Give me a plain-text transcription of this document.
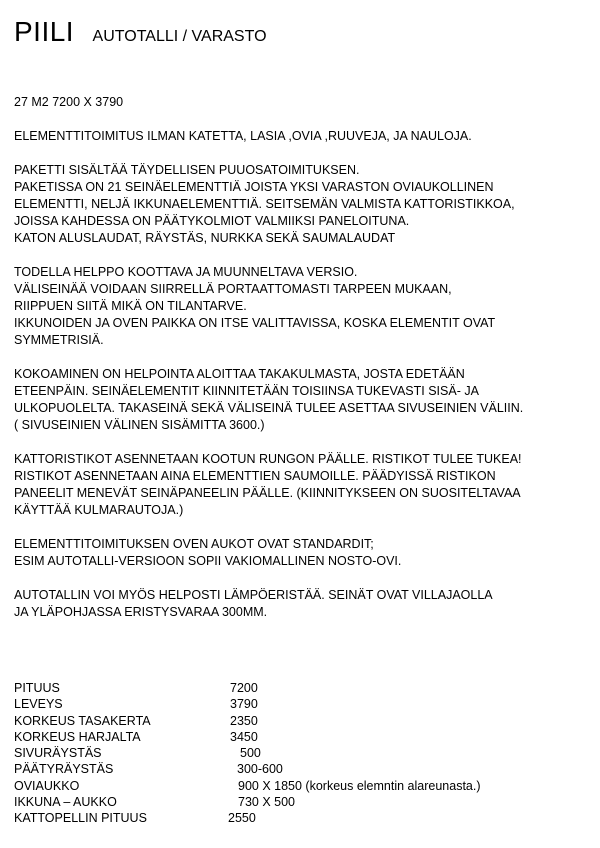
PIILI AUTOTALLI / VARASTO
27 M2 7200 X 3790
ELEMENTTITOIMITUS ILMAN KATETTA, LASIA ,OVIA ,RUUVEJA, JA NAULOJA.
PAKETTI SISÄLTÄÄ TÄYDELLISEN PUUOSATOIMITUKSEN.
PAKETISSA ON 21 SEINÄELEMENTTIÄ JOISTA YKSI VARASTON OVIAUKOLLINEN
ELEMENTTI, NELJÄ IKKUNAELEMENTTIÄ. SEITSEMÄN VALMISTA KATTORISTIKKOA,
JOISSA KAHDESSA ON PÄÄTYKOLMIOT VALMIIKSI PANELOITUNA.
KATON ALUSLAUDAT, RÄYSTÄS, NURKKA SEKÄ SAUMALAUDAT
TODELLA HELPPO KOOTTAVA JA MUUNNELTAVA VERSIO.
VÄLISEINÄÄ VOIDAAN SIIRRELLÄ PORTAATTOMASTI TARPEEN MUKAAN,
RIIPPUEN SIITÄ MIKÄ ON TILANTARVE.
IKKUNOIDEN JA OVEN PAIKKA ON ITSE VALITTAVISSA, KOSKA ELEMENTIT OVAT
SYMMETRISIÄ.
KOKOAMINEN ON HELPOINTA ALOITTAA TAKAKULMASTA, JOSTA EDETÄÄN
ETEENPÄIN. SEINÄELEMENTIT KIINNITETÄÄN TOISIINSA TUKEVASTI SISÄ- JA
ULKOPUOLELTA. TAKASEINÄ SEKÄ VÄLISEINÄ TULEE ASETTAA SIVUSEINIEN VÄLIIN.
( SIVUSEINIEN VÄLINEN SISÄMITTA 3600.)
KATTORISTIKOT ASENNETAAN KOOTUN RUNGON PÄÄLLE. RISTIKOT TULEE TUKEA!
RISTIKOT ASENNETAAN AINA ELEMENTTIEN SAUMOILLE. PÄÄDYISSÄ RISTIKON
PANEELIT MENEVÄT SEINÄPANEELIN PÄÄLLE. (KIINNITYKSEEN ON SUOSITELTAVAA
KÄYTTÄÄ KULMARAUTOJA.)
ELEMENTTITOIMITUKSEN OVEN AUKOT OVAT STANDARDIT;
ESIM AUTOTALLI-VERSIOON SOPII VAKIOMALLINEN NOSTO-OVI.
AUTOTALLIN VOI MYÖS HELPOSTI LÄMPÖERISTÄÄ. SEINÄT OVAT VILLAJAOLLA
JA YLÄPOHJASSA ERISTYSVARAA 300MM.
PITUUS	7200
LEVEYS	3790
KORKEUS TASAKERTA	2350
KORKEUS HARJALTA	3450
SIVURÄYSTÄS	500
PÄÄTYRÄYSTÄS	300-600
OVIAUKKO	900 X 1850 (korkeus elemntin alareunasta.)
IKKUNA – AUKKO	730 X 500
KATTOPELLIN PITUUS	2550
